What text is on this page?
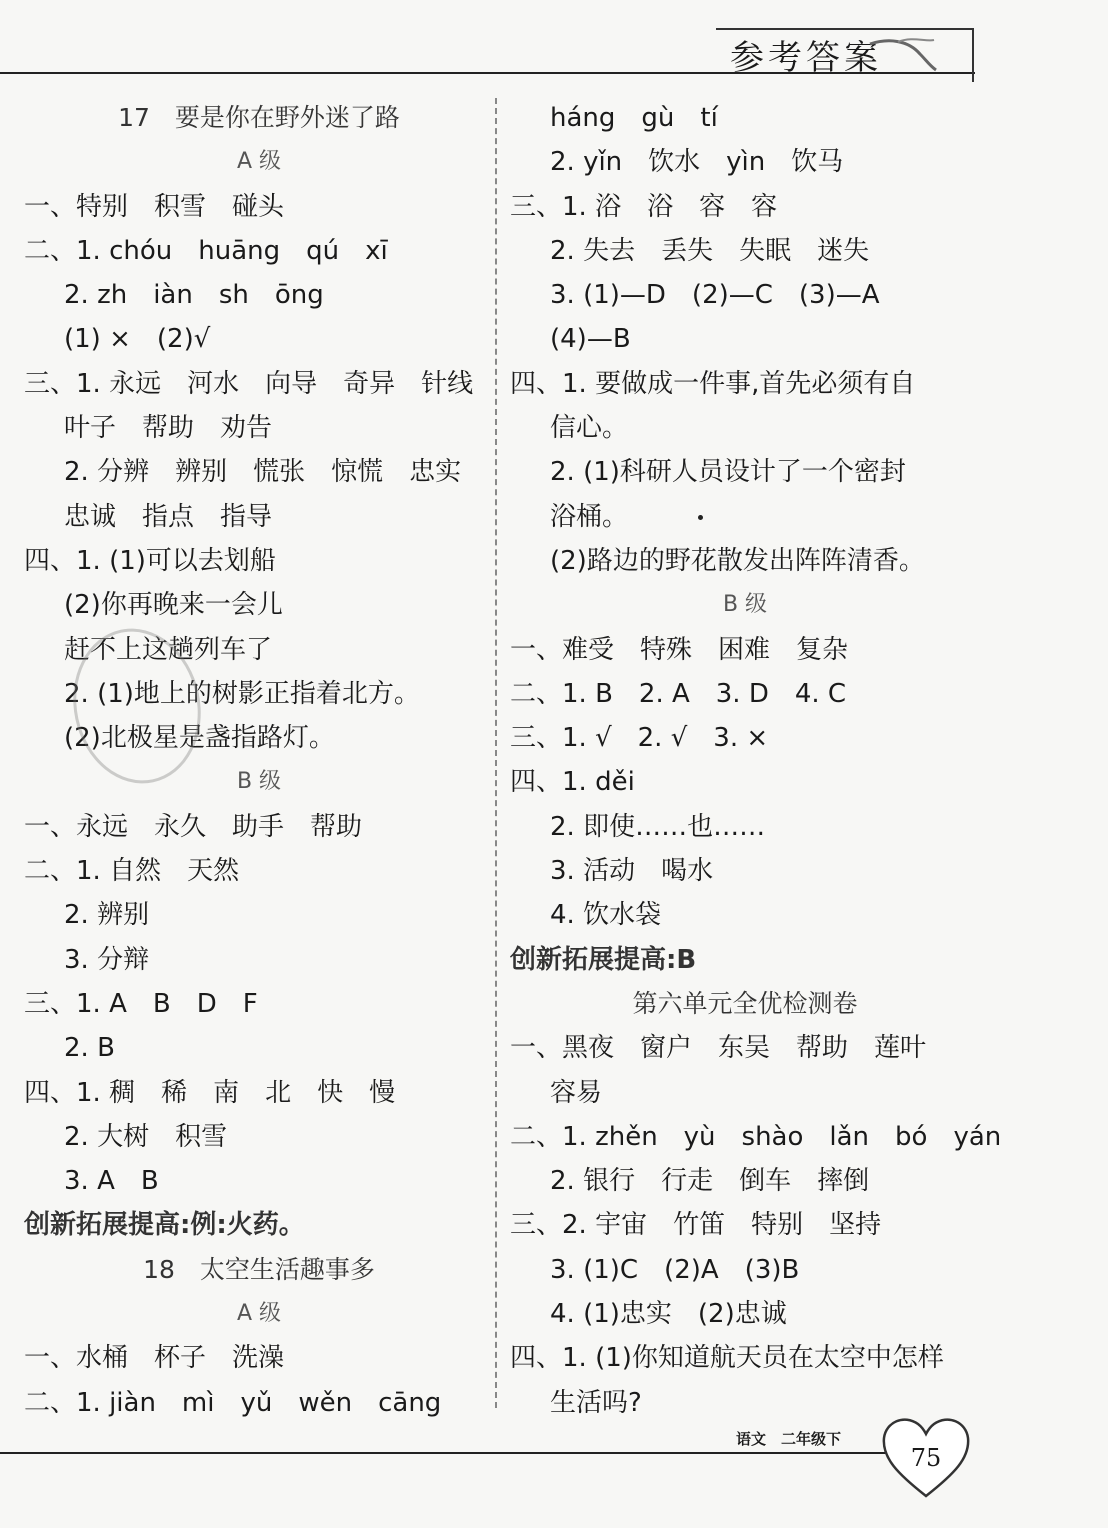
参考答案
17　要是你在野外迷了路
A 级
一、特别　积雪　碰头
二、1. chóu　huāng　qú　xī
2. zh　iàn　sh　ōng
(1) ×　(2)√
三、1. 永远　河水　向导　奇异　针线
叶子　帮助　劝告
2. 分辨　辨别　慌张　惊慌　忠实
忠诚　指点　指导
四、1. (1)可以去划船
(2)你再晚来一会儿
赶不上这趟列车了
2. (1)地上的树影正指着北方。
(2)北极星是盏指路灯。
B 级
一、永远　永久　助手　帮助
二、1. 自然　天然
2. 辨别
3. 分辩
三、1. A　B　D　F
2. B
四、1. 稠　稀　南　北　快　慢
2. 大树　积雪
3. A　B
创新拓展提高:例:火药。
18　太空生活趣事多
A 级
一、水桶　杯子　洗澡
二、1. jiàn　mì　yǔ　wěn　cāng
háng　gù　tí
2. yǐn　饮水　yìn　饮马
三、1. 浴　浴　容　容
2. 失去　丢失　失眠　迷失
3. (1)—D　(2)—C　(3)—A
(4)—B
四、1. 要做成一件事,首先必须有自
信心。
2. (1)科研人员设计了一个密封
浴桶。
(2)路边的野花散发出阵阵清香。
B 级
一、难受　特殊　困难　复杂
二、1. B　2. A　3. D　4. C
三、1. √　2. √　3. ×
四、1. děi
2. 即使……也……
3. 活动　喝水
4. 饮水袋
创新拓展提高:B
第六单元全优检测卷
一、黑夜　窗户　东吴　帮助　莲叶
容易
二、1. zhěn　yù　shào　lǎn　bó　yán
2. 银行　行走　倒车　摔倒
三、2. 宇宙　竹笛　特别　坚持
3. (1)C　(2)A　(3)B
4. (1)忠实　(2)忠诚
四、1. (1)你知道航天员在太空中怎样
生活吗?
语文　二年级下
75
